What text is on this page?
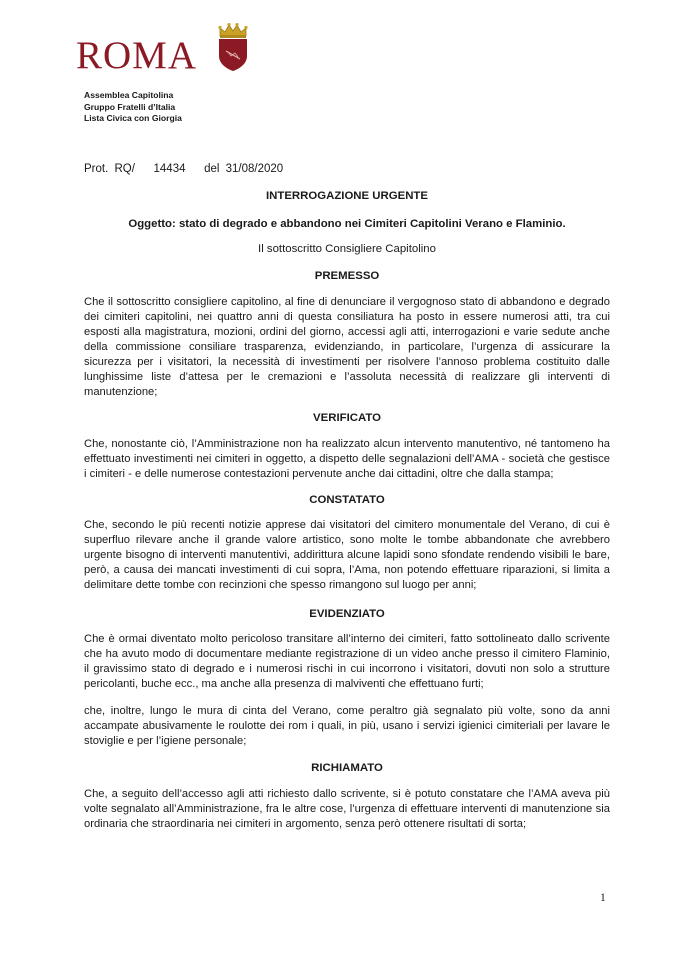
ROMA
Assemblea Capitolina
Gruppo Fratelli d’Italia
Lista Civica con Giorgia
Prot. RQ/   14434   del 31/08/2020
INTERROGAZIONE URGENTE
Oggetto: stato di degrado e abbandono nei Cimiteri Capitolini Verano e Flaminio.
Il sottoscritto Consigliere Capitolino
PREMESSO
Che il sottoscritto consigliere capitolino, al fine di denunciare il vergognoso stato di abbandono e degrado dei cimiteri capitolini, nei quattro anni di questa consiliatura ha posto in essere numerosi atti, tra cui esposti alla magistratura, mozioni, ordini del giorno, accessi agli atti, interrogazioni e varie sedute anche della commissione consiliare trasparenza, evidenziando, in particolare, l’urgenza di assicurare la sicurezza per i visitatori, la necessità di investimenti per risolvere l’annoso problema costituito dalle lunghissime liste d’attesa per le cremazioni e l’assoluta necessità di realizzare gli interventi di manutenzione;
VERIFICATO
Che, nonostante ciò, l’Amministrazione non ha realizzato alcun intervento manutentivo, né tantomeno ha effettuato investimenti nei cimiteri in oggetto, a dispetto delle segnalazioni dell’AMA - società che gestisce i cimiteri - e delle numerose contestazioni pervenute anche dai cittadini, oltre che dalla stampa;
CONSTATATO
Che, secondo le più recenti notizie apprese dai visitatori del cimitero monumentale del Verano, di cui è superfluo rilevare anche il grande valore artistico, sono molte le tombe abbandonate che avrebbero urgente bisogno di interventi manutentivi, addirittura alcune lapidi sono sfondate rendendo visibili le bare, però, a causa dei mancati investimenti di cui sopra, l’Ama, non potendo effettuare riparazioni, si limita a delimitare dette tombe con recinzioni che spesso rimangono sul luogo per anni;
EVIDENZIATO
Che è ormai diventato molto pericoloso transitare all’interno dei cimiteri, fatto sottolineato dallo scrivente che ha avuto modo di documentare mediante registrazione di un video anche presso il cimitero Flaminio, il gravissimo stato di degrado e i numerosi rischi in cui incorrono i visitatori, dovuti non solo a strutture pericolanti, buche ecc., ma anche alla presenza di malviventi che effettuano furti;
che, inoltre, lungo le mura di cinta del Verano, come peraltro già segnalato più volte, sono da anni accampate abusivamente le roulotte dei rom i quali, in più, usano i servizi igienici cimiteriali per lavare le stoviglie e per l’igiene personale;
RICHIAMATO
Che, a seguito dell’accesso agli atti richiesto dallo scrivente, si è potuto constatare che l’AMA aveva più volte segnalato all’Amministrazione, fra le altre cose, l’urgenza di effettuare interventi di manutenzione sia ordinaria che straordinaria nei cimiteri in argomento, senza però ottenere risultati di sorta;
1
